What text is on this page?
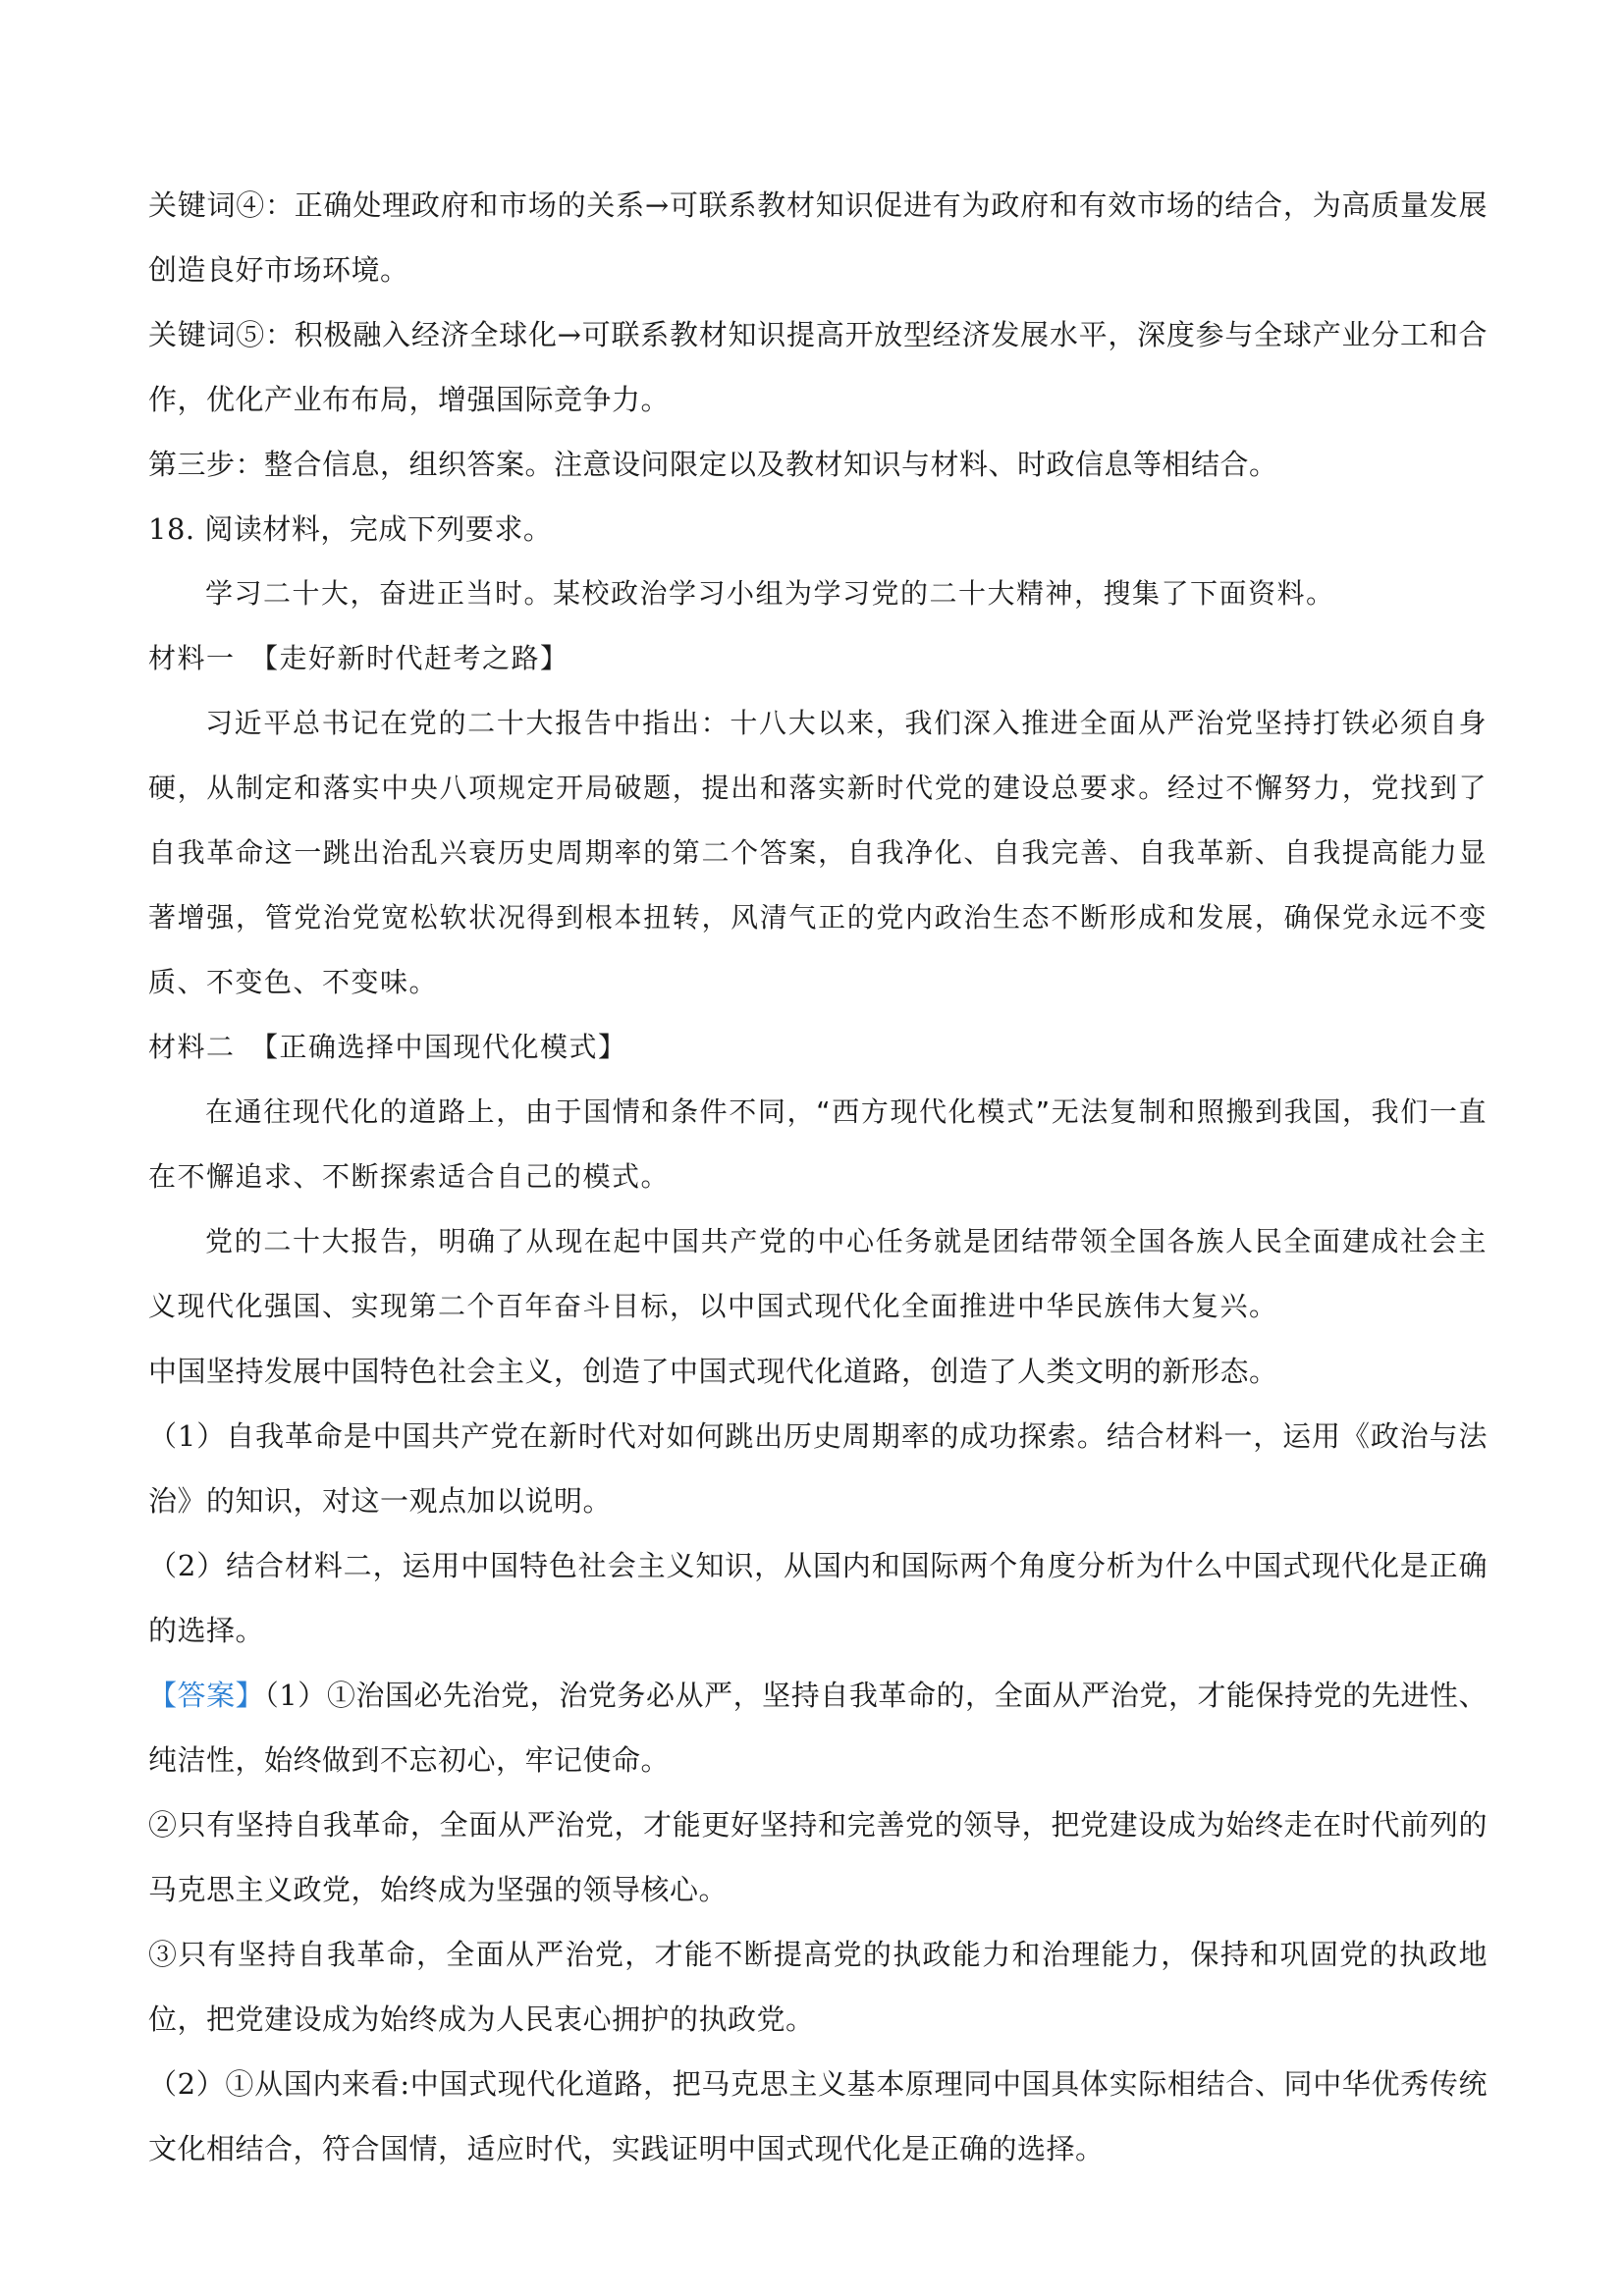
关键词④：正确处理政府和市场的关系→可联系教材知识促进有为政府和有效市场的结合，为高质量发展创造良好市场环境。

关键词⑤：积极融入经济全球化→可联系教材知识提高开放型经济发展水平，深度参与全球产业分工和合作，优化产业布布局，增强国际竞争力。

第三步：整合信息，组织答案。注意设问限定以及教材知识与材料、时政信息等相结合。

18. 阅读材料，完成下列要求。

学习二十大，奋进正当时。某校政治学习小组为学习党的二十大精神，搜集了下面资料。

材料一　【走好新时代赶考之路】

习近平总书记在党的二十大报告中指出：十八大以来，我们深入推进全面从严治党坚持打铁必须自身硬，从制定和落实中央八项规定开局破题，提出和落实新时代党的建设总要求。经过不懈努力，党找到了自我革命这一跳出治乱兴衰历史周期率的第二个答案，自我净化、自我完善、自我革新、自我提高能力显著增强，管党治党宽松软状况得到根本扭转，风清气正的党内政治生态不断形成和发展，确保党永远不变质、不变色、不变味。

材料二　【正确选择中国现代化模式】

在通往现代化的道路上，由于国情和条件不同，“西方现代化模式”无法复制和照搬到我国，我们一直在不懈追求、不断探索适合自己的模式。

党的二十大报告，明确了从现在起中国共产党的中心任务就是团结带领全国各族人民全面建成社会主义现代化强国、实现第二个百年奋斗目标，以中国式现代化全面推进中华民族伟大复兴。

中国坚持发展中国特色社会主义，创造了中国式现代化道路，创造了人类文明的新形态。

（1）自我革命是中国共产党在新时代对如何跳出历史周期率的成功探索。结合材料一，运用《政治与法治》的知识，对这一观点加以说明。

（2）结合材料二，运用中国特色社会主义知识，从国内和国际两个角度分析为什么中国式现代化是正确的选择。

【答案】（1）①治国必先治党，治党务必从严，坚持自我革命的，全面从严治党，才能保持党的先进性、纯洁性，始终做到不忘初心，牢记使命。

②只有坚持自我革命，全面从严治党，才能更好坚持和完善党的领导，把党建设成为始终走在时代前列的马克思主义政党，始终成为坚强的领导核心。

③只有坚持自我革命，全面从严治党，才能不断提高党的执政能力和治理能力，保持和巩固党的执政地位，把党建设成为始终成为人民衷心拥护的执政党。

（2）①从国内来看:中国式现代化道路，把马克思主义基本原理同中国具体实际相结合、同中华优秀传统文化相结合，符合国情，适应时代，实践证明中国式现代化是正确的选择。
